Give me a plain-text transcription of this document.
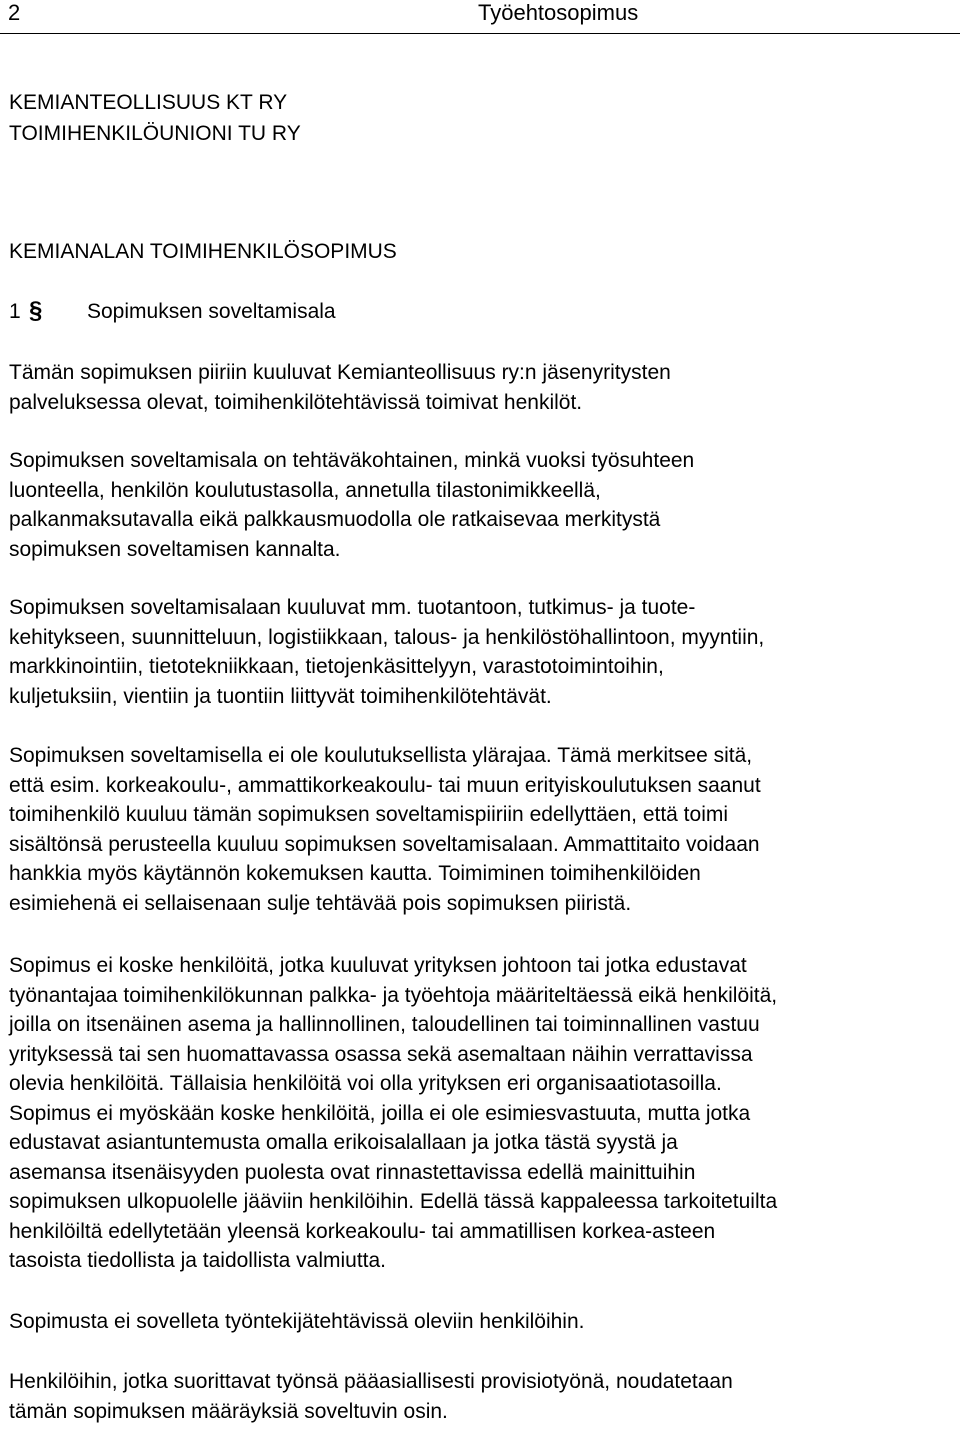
2	Työehtosopimus
KEMIANTEOLLISUUS KT RY
TOIMIHENKILÖUNIONI TU RY
KEMIANALAN TOIMIHENKILÖSOPIMUS
1 § Sopimuksen soveltamisala

Tämän sopimuksen piiriin kuuluvat Kemianteollisuus ry:n jäsenyritysten
palveluksessa olevat, toimihenkilötehtävissä toimivat henkilöt.

Sopimuksen soveltamisala on tehtäväkohtainen, minkä vuoksi työsuhteen
luonteella, henkilön koulutustasolla, annetulla tilastonimikkeellä,
palkanmaksutavalla eikä palkkausmuodolla ole ratkaisevaa merkitystä
sopimuksen soveltamisen kannalta.

Sopimuksen soveltamisalaan kuuluvat mm. tuotantoon, tutkimus- ja tuote-
kehitykseen, suunnitteluun, logistiikkaan, talous- ja henkilöstöhallintoon, myyntiin,
markkinointiin, tietotekniikkaan, tietojenkäsittelyyn, varastotoimintoihin,
kuljetuksiin, vientiin ja tuontiin liittyvät toimihenkilötehtävät.

Sopimuksen soveltamisella ei ole koulutuksellista ylärajaa. Tämä merkitsee sitä,
että esim. korkeakoulu-, ammattikorkeakoulu- tai muun erityiskoulutuksen saanut
toimihenkilö kuuluu tämän sopimuksen soveltamispiiriin edellyttäen, että toimi
sisältönsä perusteella kuuluu sopimuksen soveltamisalaan. Ammattitaito voidaan
hankkia myös käytännön kokemuksen kautta. Toimiminen toimihenkilöiden
esimiehenä ei sellaisenaan sulje tehtävää pois sopimuksen piiristä.

Sopimus ei koske henkilöitä, jotka kuuluvat yrityksen johtoon tai jotka edustavat
työnantajaa toimihenkilökunnan palkka- ja työehtoja määriteltäessä eikä henkilöitä,
joilla on itsenäinen asema ja hallinnollinen, taloudellinen tai toiminnallinen vastuu
yrityksessä tai sen huomattavassa osassa sekä asemaltaan näihin verrattavissa
olevia henkilöitä. Tällaisia henkilöitä voi olla yrityksen eri organisaatiotasoilla.
Sopimus ei myöskään koske henkilöitä, joilla ei ole esimiesvastuuta, mutta jotka
edustavat asiantuntemusta omalla erikoisalallaan ja jotka tästä syystä ja
asemansa itsenäisyyden puolesta ovat rinnastettavissa edellä mainittuihin
sopimuksen ulkopuolelle jääviin henkilöihin. Edellä tässä kappaleessa tarkoitetuilta
henkilöiltä edellytetään yleensä korkeakoulu- tai ammatillisen korkea-asteen
tasoista tiedollista ja taidollista valmiutta.

Sopimusta ei sovelleta työntekijätehtävissä oleviin henkilöihin.

Henkilöihin, jotka suorittavat työnsä pääasiallisesti provisiotyönä, noudatetaan
tämän sopimuksen määräyksiä soveltuvin osin.
